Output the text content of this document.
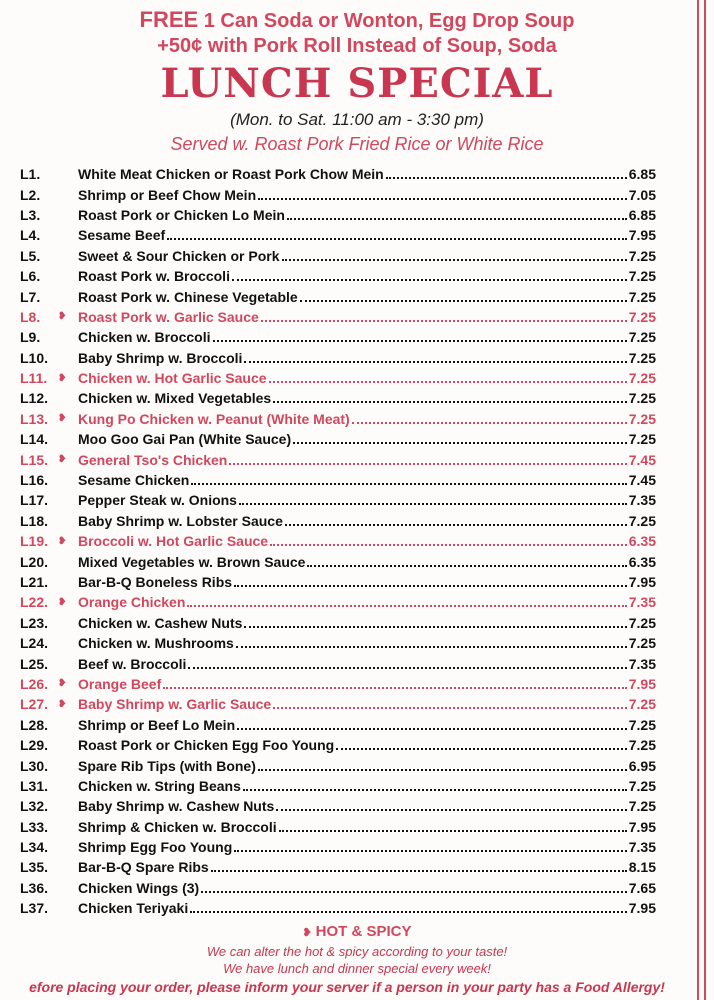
FREE 1 Can Soda or Wonton, Egg Drop Soup
+50¢ with Pork Roll Instead of Soup, Soda
LUNCH SPECIAL
(Mon. to Sat. 11:00 am - 3:30 pm)
Served w. Roast Pork Fried Rice or White Rice
L1.	White Meat Chicken or Roast Pork Chow Mein	6.85
L2.	Shrimp or Beef Chow Mein	7.05
L3.	Roast Pork or Chicken Lo Mein	6.85
L4.	Sesame Beef	7.95
L5.	Sweet & Sour Chicken or Pork	7.25
L6.	Roast Pork w. Broccoli	7.25
L7.	Roast Pork w. Chinese Vegetable	7.25
L8.	❥ Roast Pork w. Garlic Sauce	7.25
L9.	Chicken w. Broccoli	7.25
L10.	Baby Shrimp w. Broccoli	7.25
L11.	❥ Chicken w. Hot Garlic Sauce	7.25
L12.	Chicken w. Mixed Vegetables	7.25
L13. ❥ Kung Po Chicken w. Peanut (White Meat)	7.25
L14.	Moo Goo Gai Pan (White Sauce)	7.25
L15. ❥ General Tso's Chicken	7.45
L16.	Sesame Chicken	7.45
L17.	Pepper Steak w. Onions	7.35
L18.	Baby Shrimp w. Lobster Sauce	7.25
L19. ❥ Broccoli w. Hot Garlic Sauce	6.35
L20.	Mixed Vegetables w. Brown Sauce	6.35
L21.	Bar-B-Q Boneless Ribs	7.95
L22. ❥ Orange Chicken	7.35
L23.	Chicken w. Cashew Nuts	7.25
L24.	Chicken w. Mushrooms	7.25
L25.	Beef w. Broccoli	7.35
L26. ❥ Orange Beef	7.95
L27. ❥ Baby Shrimp w. Garlic Sauce	7.25
L28.	Shrimp or Beef Lo Mein	7.25
L29.	Roast Pork or Chicken Egg Foo Young	7.25
L30.	Spare Rib Tips (with Bone)	6.95
L31.	Chicken w. String Beans	7.25
L32.	Baby Shrimp w. Cashew Nuts	7.25
L33.	Shrimp & Chicken w. Broccoli	7.95
L34.	Shrimp Egg Foo Young	7.35
L35.	Bar-B-Q Spare Ribs	8.15
L36.	Chicken Wings (3)	7.65
L37.	Chicken Teriyaki	7.95
❥ HOT & SPICY
We can alter the hot & spicy according to your taste!
We have lunch and dinner special every week!
efore placing your order, please inform your server if a person in your party has a Food Allergy!
